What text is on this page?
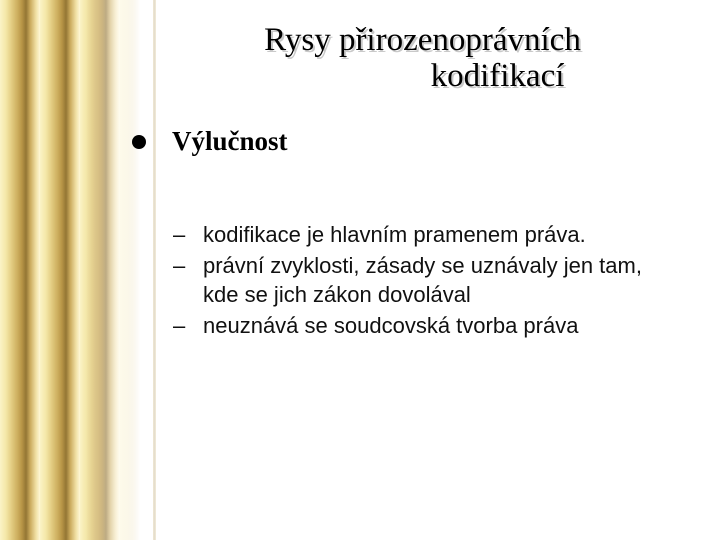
Rysy přirozenoprávních
kodifikací
Výlučnost
– kodifikace je hlavním pramenem práva.
– právní zvyklosti, zásady se uznávaly jen tam, kde se jich zákon dovolával
– neuznává se soudcovská tvorba práva
